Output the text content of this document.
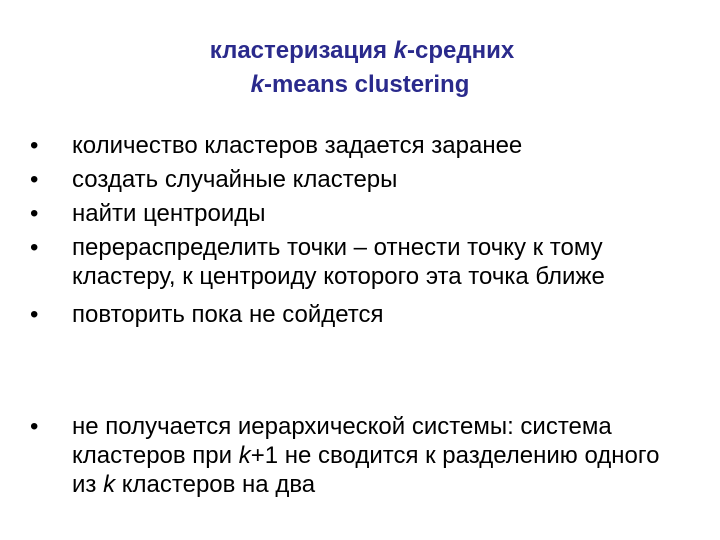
кластеризация k-средних
k-means clustering
•	количество кластеров задается заранее
•	создать случайные кластеры
•	найти центроиды
•	перераспределить точки – отнести точку к тому кластеру, к центроиду которого эта точка ближе
•	повторить пока не сойдется
•	не получается иерархической системы: система кластеров при k+1 не сводится к разделению одного из k кластеров на два
